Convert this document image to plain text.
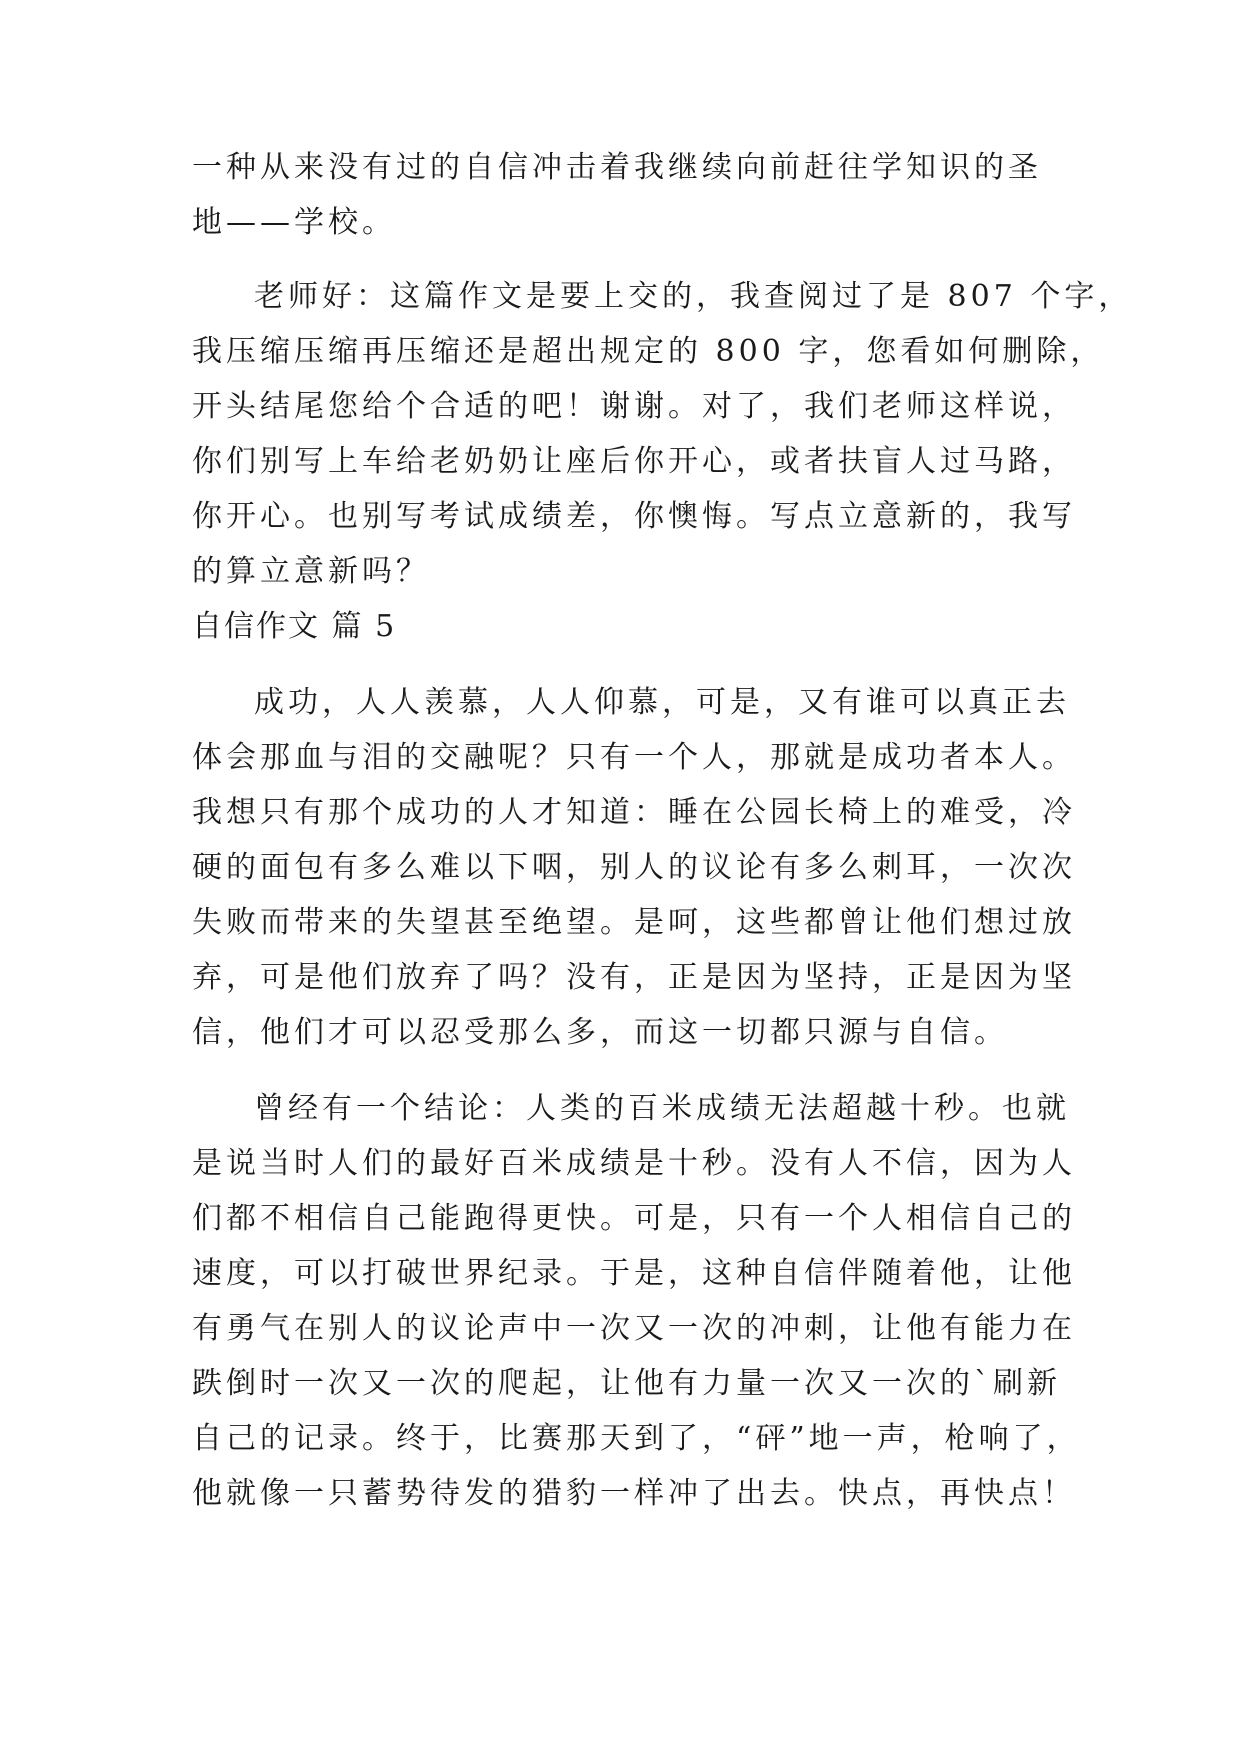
一种从来没有过的自信冲击着我继续向前赶往学知识的圣
地——学校。
老师好：这篇作文是要上交的，我查阅过了是 807 个字，
我压缩压缩再压缩还是超出规定的 800 字，您看如何删除，
开头结尾您给个合适的吧！谢谢。对了，我们老师这样说，
你们别写上车给老奶奶让座后你开心，或者扶盲人过马路，
你开心。也别写考试成绩差，你懊悔。写点立意新的，我写
的算立意新吗？
自信作文 篇 5
成功，人人羡慕，人人仰慕，可是，又有谁可以真正去
体会那血与泪的交融呢？只有一个人，那就是成功者本人。
我想只有那个成功的人才知道：睡在公园长椅上的难受，冷
硬的面包有多么难以下咽，别人的议论有多么刺耳，一次次
失败而带来的失望甚至绝望。是呵，这些都曾让他们想过放
弃，可是他们放弃了吗？没有，正是因为坚持，正是因为坚
信，他们才可以忍受那么多，而这一切都只源与自信。
曾经有一个结论：人类的百米成绩无法超越十秒。也就
是说当时人们的最好百米成绩是十秒。没有人不信，因为人
们都不相信自己能跑得更快。可是，只有一个人相信自己的
速度，可以打破世界纪录。于是，这种自信伴随着他，让他
有勇气在别人的议论声中一次又一次的冲刺，让他有能力在
跌倒时一次又一次的爬起，让他有力量一次又一次的`刷新
自己的记录。终于，比赛那天到了，“砰”地一声，枪响了，
他就像一只蓄势待发的猎豹一样冲了出去。快点，再快点！
